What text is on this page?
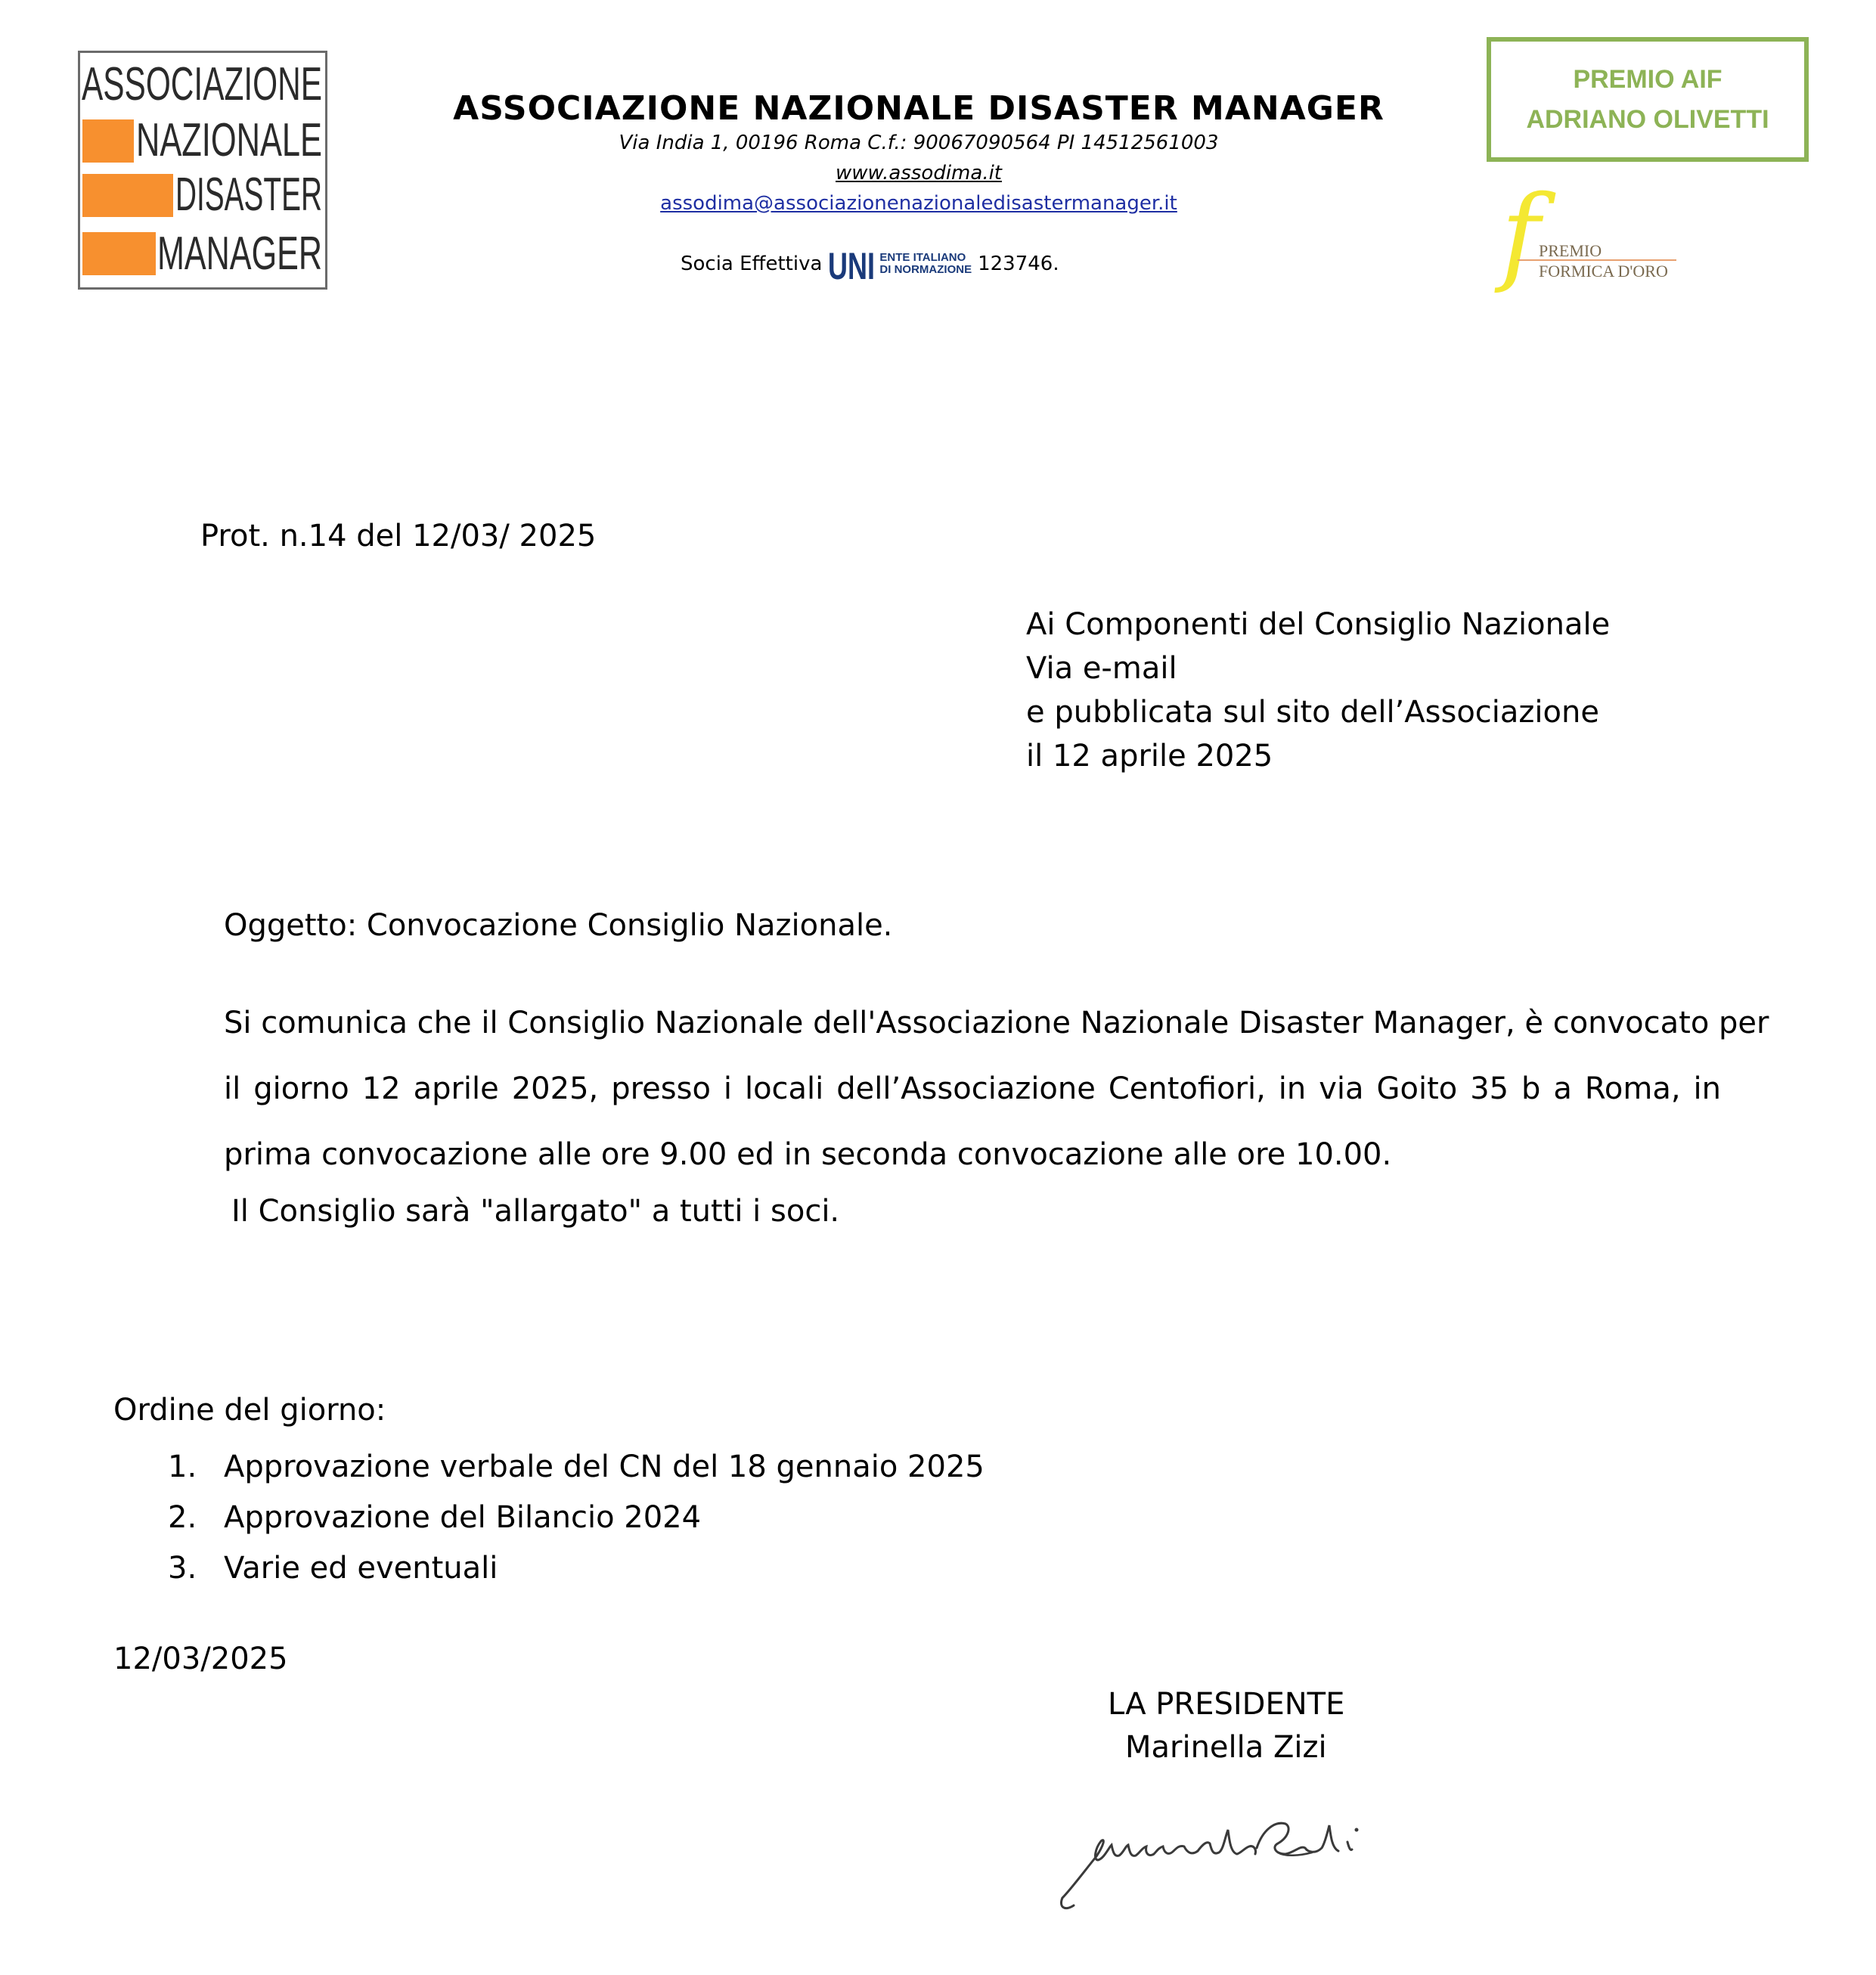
ASSOCIAZIONE
NAZIONALE
DISASTER
MANAGER
ASSOCIAZIONE NAZIONALE DISASTER MANAGER
Via India 1, 00196 Roma C.f.: 90067090564 PI 14512561003
www.assodima.it
assodima@associazionenazionaledisastermanager.it
Socia Effettiva UNI ENTE ITALIANO
DI NORMAZIONE 123746.
PREMIO AIF
ADRIANO OLIVETTI
f
PREMIO
FORMICA D'ORO
Prot. n.14 del 12/03/ 2025
Ai Componenti del Consiglio Nazionale
Via e-mail
e pubblicata sul sito dell’Associazione
il 12 aprile 2025
Oggetto: Convocazione Consiglio Nazionale.
Si comunica che il Consiglio Nazionale dell'Associazione Nazionale Disaster Manager, è convocato per
il giorno 12 aprile 2025, presso i locali dell’Associazione Centofiori, in via Goito 35 b a Roma, in
prima convocazione alle ore 9.00 ed in seconda convocazione alle ore 10.00.
Il Consiglio sarà "allargato" a tutti i soci.
Ordine del giorno:
1. Approvazione verbale del CN del 18 gennaio 2025
2. Approvazione del Bilancio 2024
3. Varie ed eventuali
12/03/2025
LA PRESIDENTE
Marinella Zizi
